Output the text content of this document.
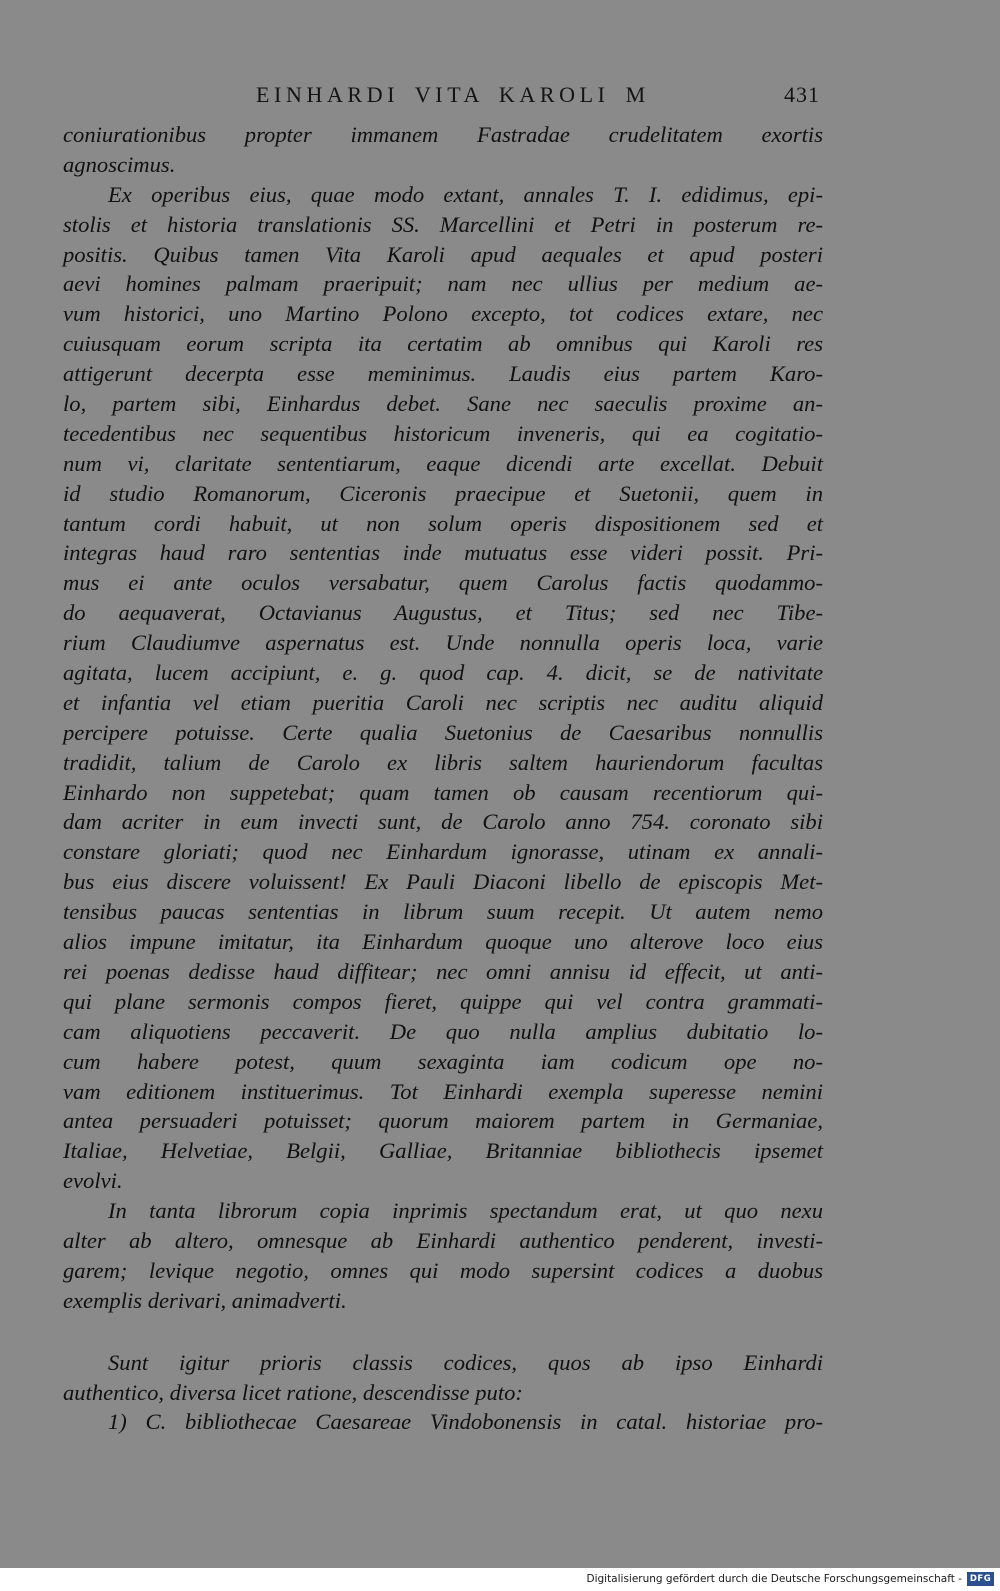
EINHARDI VITA KAROLI M	431
coniurationibus propter immanem Fastradae crudelitatem exortis
agnoscimus.
Ex operibus eius, quae modo extant, annales T. I. edidimus, epi-
stolis et historia translationis SS. Marcellini et Petri in posterum re-
positis. Quibus tamen Vita Karoli apud aequales et apud posteri
aevi homines palmam praeripuit; nam nec ullius per medium ae-
vum historici, uno Martino Polono excepto, tot codices extare, nec
cuiusquam eorum scripta ita certatim ab omnibus qui Karoli res
attigerunt decerpta esse meminimus. Laudis eius partem Karo-
lo, partem sibi, Einhardus debet. Sane nec saeculis proxime an-
tecedentibus nec sequentibus historicum inveneris, qui ea cogitatio-
num vi, claritate sententiarum, eaque dicendi arte excellat. Debuit
id studio Romanorum, Ciceronis praecipue et Suetonii, quem in
tantum cordi habuit, ut non solum operis dispositionem sed et
integras haud raro sententias inde mutuatus esse videri possit. Pri-
mus ei ante oculos versabatur, quem Carolus factis quodammo-
do aequaverat, Octavianus Augustus, et Titus; sed nec Tibe-
rium Claudiumve aspernatus est. Unde nonnulla operis loca, varie
agitata, lucem accipiunt, e. g. quod cap. 4. dicit, se de nativitate
et infantia vel etiam pueritia Caroli nec scriptis nec auditu aliquid
percipere potuisse. Certe qualia Suetonius de Caesaribus nonnullis
tradidit, talium de Carolo ex libris saltem hauriendorum facultas
Einhardo non suppetebat; quam tamen ob causam recentiorum qui-
dam acriter in eum invecti sunt, de Carolo anno 754. coronato sibi
constare gloriati; quod nec Einhardum ignorasse, utinam ex annali-
bus eius discere voluissent! Ex Pauli Diaconi libello de episcopis Met-
tensibus paucas sententias in librum suum recepit. Ut autem nemo
alios impune imitatur, ita Einhardum quoque uno alterove loco eius
rei poenas dedisse haud diffitear; nec omni annisu id effecit, ut anti-
qui plane sermonis compos fieret, quippe qui vel contra grammati-
cam aliquotiens peccaverit. De quo nulla amplius dubitatio lo-
cum habere potest, quum sexaginta iam codicum ope no-
vam editionem instituerimus. Tot Einhardi exempla superesse nemini
antea persuaderi potuisset; quorum maiorem partem in Germaniae,
Italiae, Helvetiae, Belgii, Galliae, Britanniae bibliothecis ipsemet
evolvi.
In tanta librorum copia inprimis spectandum erat, ut quo nexu
alter ab altero, omnesque ab Einhardi authentico penderent, investi-
garem; levique negotio, omnes qui modo supersint codices a duobus
exemplis derivari, animadverti.
Sunt igitur prioris classis codices, quos ab ipso Einhardi
authentico, diversa licet ratione, descendisse puto:
1) C. bibliothecae Caesareae Vindobonensis in catal. historiae pro-
Digitalisierung gefördert durch die Deutsche Forschungsgemeinschaft - DFG
